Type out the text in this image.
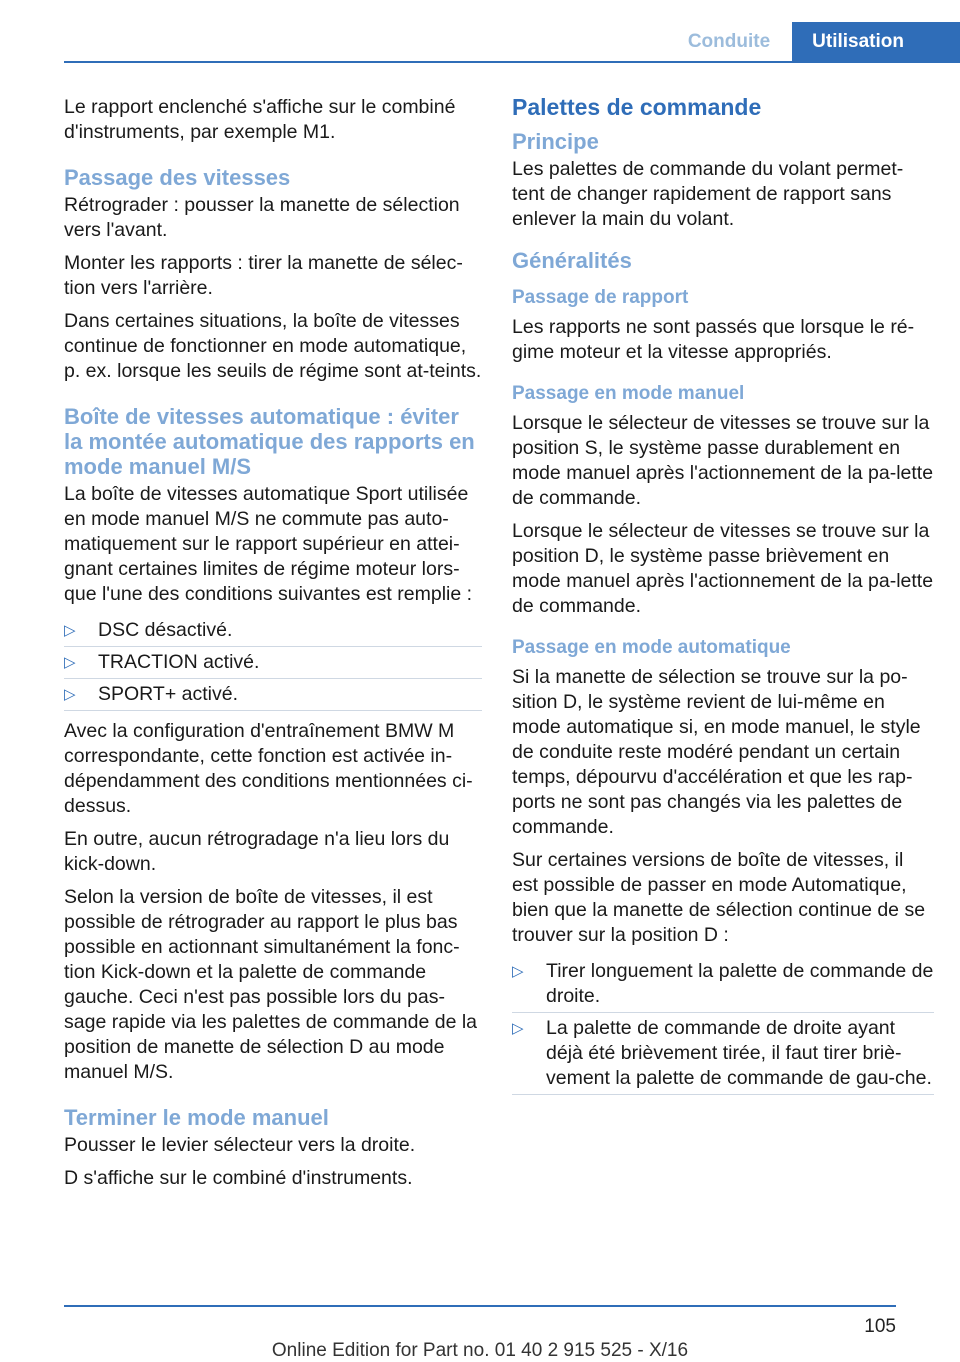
Conduite	Utilisation

Le rapport enclenché s'affiche sur le combiné d'instruments, par exemple M1.

Passage des vitesses

Rétrograder : pousser la manette de sélection vers l'avant.

Monter les rapports : tirer la manette de sélec‐tion vers l'arrière.

Dans certaines situations, la boîte de vitesses continue de fonctionner en mode automatique, p. ex. lorsque les seuils de régime sont at‐teints.

Boîte de vitesses automatique : éviter la montée automatique des rapports en mode manuel M/S

La boîte de vitesses automatique Sport utilisée en mode manuel M/S ne commute pas auto‐matiquement sur le rapport supérieur en attei‐gnant certaines limites de régime moteur lors‐que l'une des conditions suivantes est remplie :

▷	DSC désactivé.
▷	TRACTION activé.
▷	SPORT+ activé.

Avec la configuration d'entraînement BMW M correspondante, cette fonction est activée in‐dépendamment des conditions mentionnées ci-dessus.

En outre, aucun rétrogradage n'a lieu lors du kick-down.

Selon la version de boîte de vitesses, il est possible de rétrograder au rapport le plus bas possible en actionnant simultanément la fonc‐tion Kick-down et la palette de commande gauche. Ceci n'est pas possible lors du pas‐sage rapide via les palettes de commande de la position de manette de sélection D au mode manuel M/S.

Terminer le mode manuel

Pousser le levier sélecteur vers la droite.

D s'affiche sur le combiné d'instruments.

Palettes de commande
Principe

Les palettes de commande du volant permet‐tent de changer rapidement de rapport sans enlever la main du volant.

Généralités
Passage de rapport

Les rapports ne sont passés que lorsque le ré‐gime moteur et la vitesse appropriés.

Passage en mode manuel

Lorsque le sélecteur de vitesses se trouve sur la position S, le système passe durablement en mode manuel après l'actionnement de la pa‐lette de commande.

Lorsque le sélecteur de vitesses se trouve sur la position D, le système passe brièvement en mode manuel après l'actionnement de la pa‐lette de commande.

Passage en mode automatique

Si la manette de sélection se trouve sur la po‐sition D, le système revient de lui-même en mode automatique si, en mode manuel, le style de conduite reste modéré pendant un certain temps, dépourvu d'accélération et que les rap‐ports ne sont pas changés via les palettes de commande.

Sur certaines versions de boîte de vitesses, il est possible de passer en mode Automatique, bien que la manette de sélection continue de se trouver sur la position D :

▷	Tirer longuement la palette de commande de droite.
▷	La palette de commande de droite ayant déjà été brièvement tirée, il faut tirer briè‐vement la palette de commande de gau‐che.
105
Online Edition for Part no. 01 40 2 915 525 - X/16
